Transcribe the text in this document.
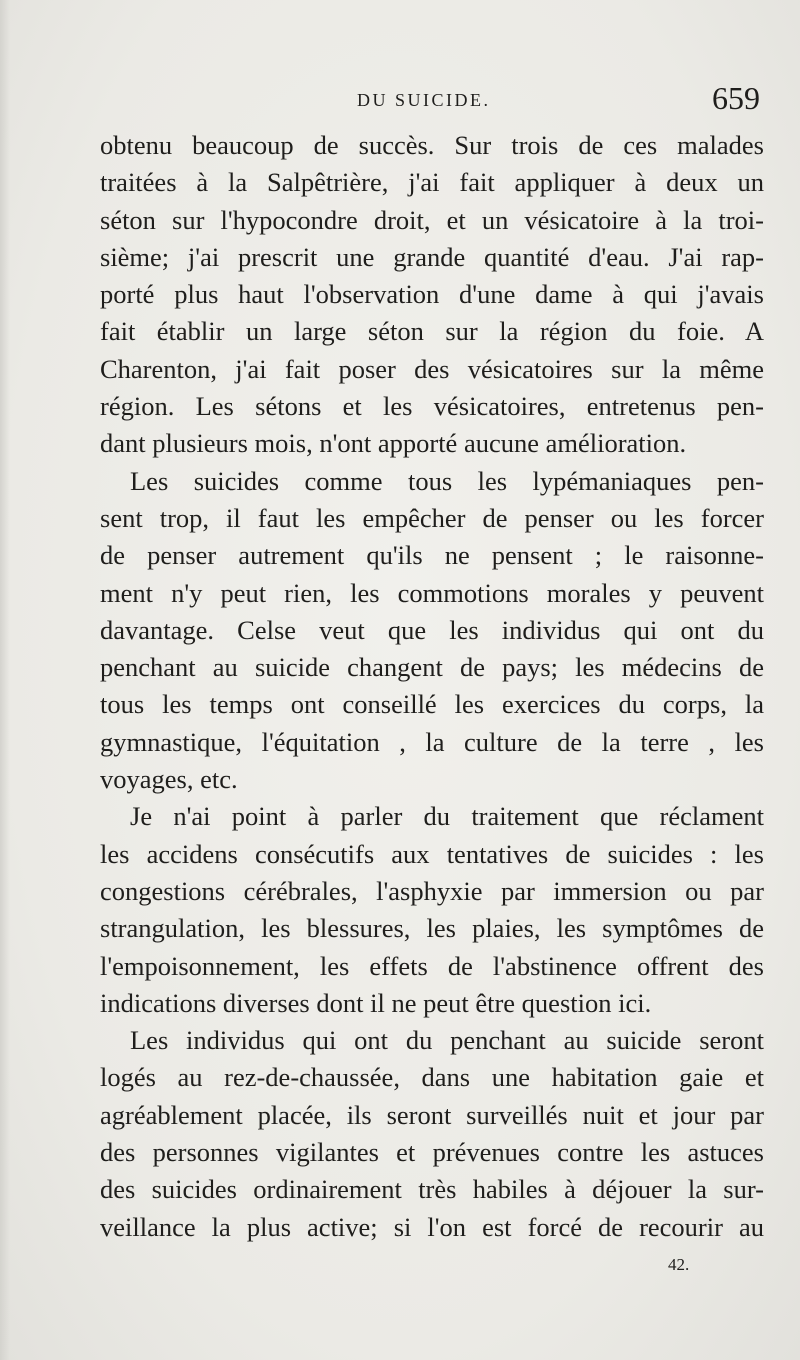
DU SUICIDE.	659
obtenu beaucoup de succès. Sur trois de ces malades
traitées à la Salpêtrière, j'ai fait appliquer à deux un
séton sur l'hypocondre droit, et un vésicatoire à la troi-
sième; j'ai prescrit une grande quantité d'eau. J'ai rap-
porté plus haut l'observation d'une dame à qui j'avais
fait établir un large séton sur la région du foie. A
Charenton, j'ai fait poser des vésicatoires sur la même
région. Les sétons et les vésicatoires, entretenus pen-
dant plusieurs mois, n'ont apporté aucune amélioration.
Les suicides comme tous les lypémaniaques pen-
sent trop, il faut les empêcher de penser ou les forcer
de penser autrement qu'ils ne pensent ; le raisonne-
ment n'y peut rien, les commotions morales y peuvent
davantage. Celse veut que les individus qui ont du
penchant au suicide changent de pays; les médecins de
tous les temps ont conseillé les exercices du corps, la
gymnastique, l'équitation , la culture de la terre , les
voyages, etc.
Je n'ai point à parler du traitement que réclament
les accidens consécutifs aux tentatives de suicides : les
congestions cérébrales, l'asphyxie par immersion ou par
strangulation, les blessures, les plaies, les symptômes de
l'empoisonnement, les effets de l'abstinence offrent des
indications diverses dont il ne peut être question ici.
Les individus qui ont du penchant au suicide seront
logés au rez-de-chaussée, dans une habitation gaie et
agréablement placée, ils seront surveillés nuit et jour par
des personnes vigilantes et prévenues contre les astuces
des suicides ordinairement très habiles à déjouer la sur-
veillance la plus active; si l'on est forcé de recourir au
42.
